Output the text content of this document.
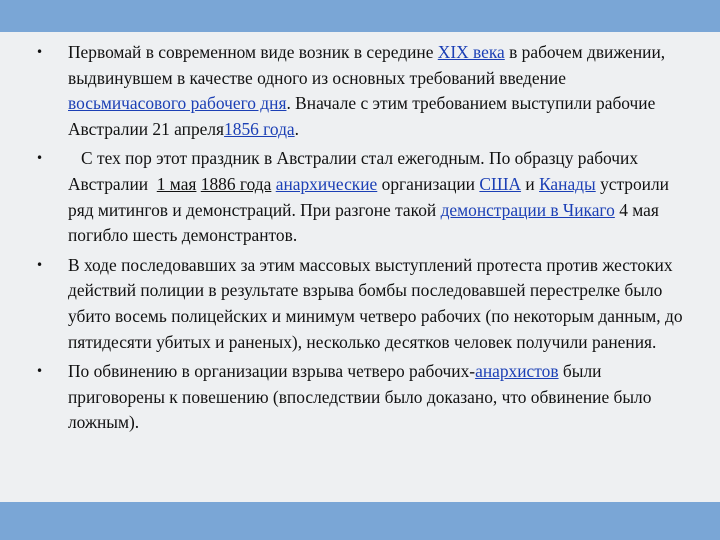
• Первомай в современном виде возник в середине XIX века в рабочем движении, выдвинувшем в качестве одного из основных требований введение восьмичасового рабочего дня. Вначале с этим требованием выступили рабочие Австралии 21 апреля1856 года.
• С тех пор этот праздник в Австралии стал ежегодным. По образцу рабочих Австралии  1 мая 1886 года анархические организации США и Канады устроили ряд митингов и демонстраций. При разгоне такой демонстрации в Чикаго 4 мая погибло шесть демонстрантов.
• В ходе последовавших за этим массовых выступлений протеста против жестоких действий полиции в результате взрыва бомбы последовавшей перестрелке было убито восемь полицейских и минимум четверо рабочих (по некоторым данным, до пятидесяти убитых и раненых), несколько десятков человек получили ранения.
• По обвинению в организации взрыва четверо рабочих-анархистов были приговорены к повешению (впоследствии было доказано, что обвинение было ложным).
